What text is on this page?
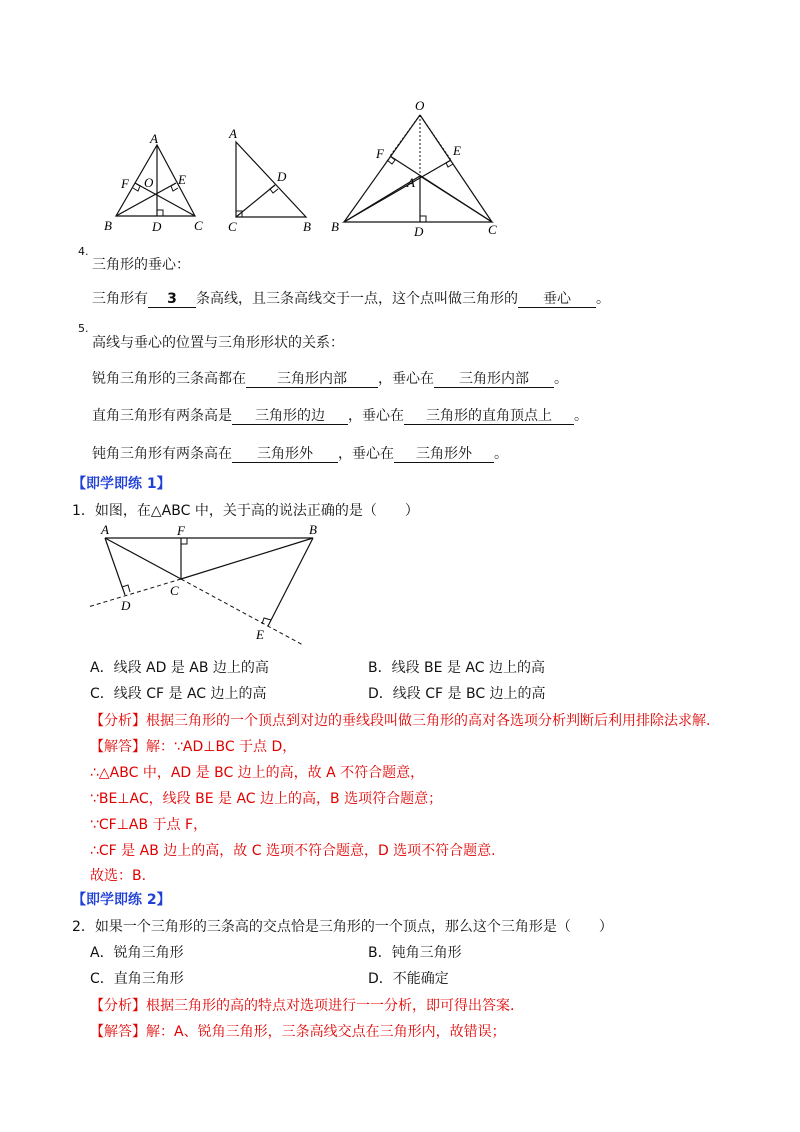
A
B	C
D
E
F O
A
B
C
D
O
A
B	C
D
E
F
4.
三角形的垂心：
三角形有 3 条高线，且三条高线交于一点，这个点叫做三角形的 垂心 。
5.
高线与垂心的位置与三角形形状的关系：
锐角三角形的三条高都在 三角形内部 ，垂心在 三角形内部 。
直角三角形有两条高是 三角形的边 ，垂心在 三角形的直角顶点上 。
钝角三角形有两条高在 三角形外 ，垂心在 三角形外 。
【即学即练 1】
1．如图，在△ABC 中，关于高的说法正确的是（　　）
A	F	B
D
C
E
A．线段 AD 是 AB 边上的高	B．线段 BE 是 AC 边上的高
C．线段 CF 是 AC 边上的高	D．线段 CF 是 BC 边上的高
【分析】根据三角形的一个顶点到对边的垂线段叫做三角形的高对各选项分析判断后利用排除法求解.
【解答】解：∵AD⊥BC 于点 D，
∴△ABC 中，AD 是 BC 边上的高，故 A 不符合题意，
∵BE⊥AC，线段 BE 是 AC 边上的高，B 选项符合题意；
∵CF⊥AB 于点 F，
∴CF 是 AB 边上的高，故 C 选项不符合题意，D 选项不符合题意.
故选：B.
【即学即练 2】
2．如果一个三角形的三条高的交点恰是三角形的一个顶点，那么这个三角形是（　　）
A．锐角三角形	B．钝角三角形
C．直角三角形	D．不能确定
【分析】根据三角形的高的特点对选项进行一一分析，即可得出答案.
【解答】解：A、锐角三角形，三条高线交点在三角形内，故错误；
